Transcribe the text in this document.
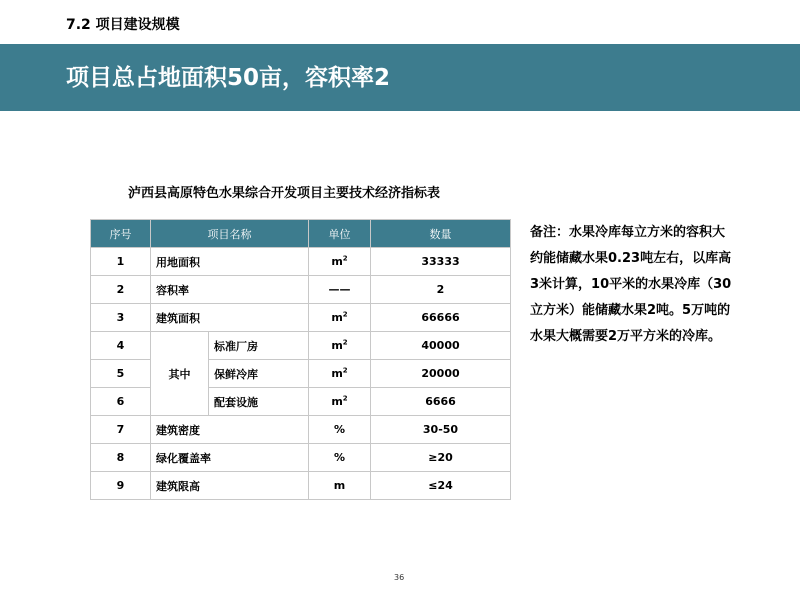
7.2 项目建设规模
项目总占地面积50亩，容积率2
泸西县高原特色水果综合开发项目主要技术经济指标表
序号	项目名称		单位	数量
1	用地面积		$m^2$	33333
2	容积率		——	2
3	建筑面积		$m^2$	66666
4	其中	标准厂房	$m^2$	40000
5		保鲜冷库	$m^2$	20000
6		配套设施	$m^2$	6666
7	建筑密度		%	30-50
8	绿化覆盖率		%	≥20
9	建筑限高		m	≤24
备注：水果冷库每立方米的容积大约能储藏水果0.23吨左右，以库高3米计算，10平米的水果冷库（30立方米）能储藏水果2吨。5万吨的水果大概需要2万平方米的冷库。
36
